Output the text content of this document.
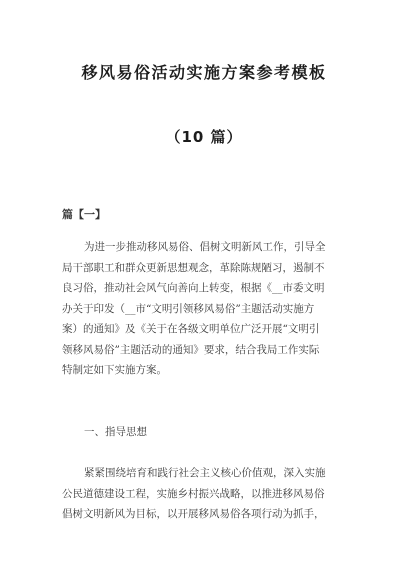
移风易俗活动实施方案参考模板
（10 篇）
篇【一】

为进一步推动移风易俗、倡树文明新风工作，引导全
局干部职工和群众更新思想观念，革除陈规陋习，遏制不
良习俗，推动社会风气向善向上转变，根据《__市委文明
办关于印发（__市“文明引领移风易俗”主题活动实施方
案）的通知》及《关于在各级文明单位广泛开展“文明引
领移风易俗”主题活动的通知》要求，结合我局工作实际
特制定如下实施方案。

一、指导思想

紧紧围绕培育和践行社会主义核心价值观，深入实施
公民道德建设工程，实施乡村振兴战略，以推进移风易俗
倡树文明新风为目标，以开展移风易俗各项行动为抓手，
